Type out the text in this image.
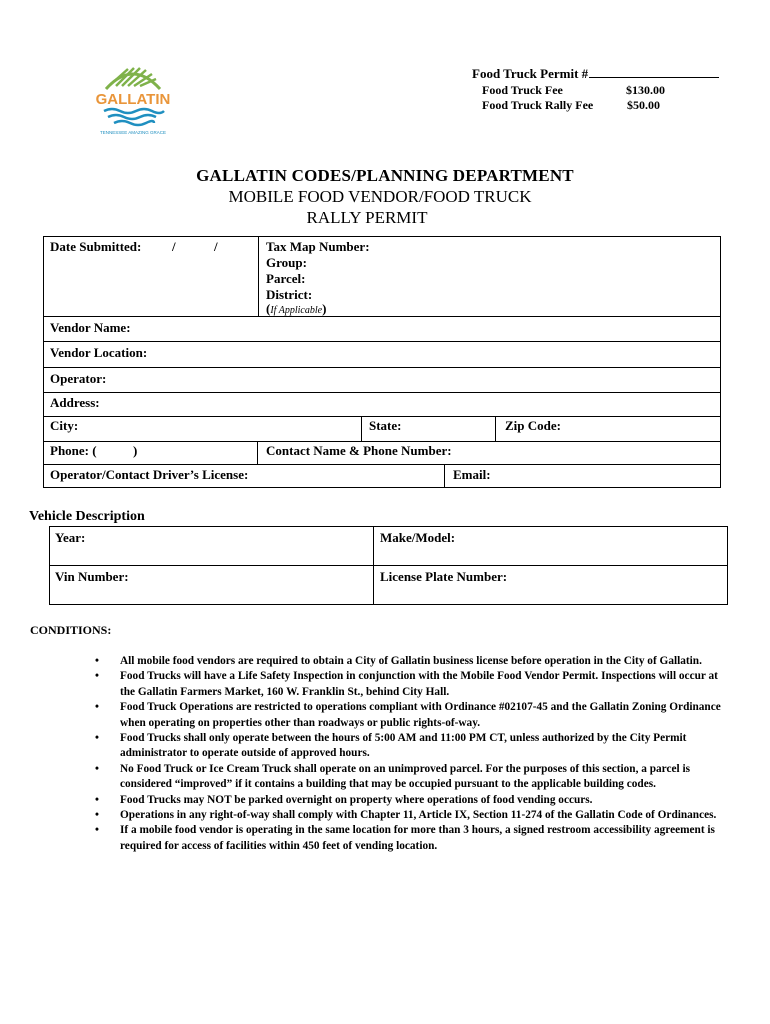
GALLATIN
TENNESSEE AMAZING GRACE
Food Truck Permit #
Food Truck Fee	$130.00
Food Truck Rally Fee	$50.00
GALLATIN CODES/PLANNING DEPARTMENT
MOBILE FOOD VENDOR/FOOD TRUCK
RALLY PERMIT
Date Submitted: /	/	Tax Map Number:
Group:
Parcel:
District:
(If Applicable)
Vendor Name:
Vendor Location:
Operator:
Address:
City:	State:	Zip Code:
Phone: (	)	Contact Name & Phone Number:
Operator/Contact Driver’s License:	Email:
Vehicle Description
Year:	Make/Model:
Vin Number:	License Plate Number:
CONDITIONS:
• All mobile food vendors are required to obtain a City of Gallatin business license before operation in the City of Gallatin.
• Food Trucks will have a Life Safety Inspection in conjunction with the Mobile Food Vendor Permit. Inspections will occur at the Gallatin Farmers Market, 160 W. Franklin St., behind City Hall.
• Food Truck Operations are restricted to operations compliant with Ordinance #02107-45 and the Gallatin Zoning Ordinance when operating on properties other than roadways or public rights-of-way.
• Food Trucks shall only operate between the hours of 5:00 AM and 11:00 PM CT, unless authorized by the City Permit administrator to operate outside of approved hours.
• No Food Truck or Ice Cream Truck shall operate on an unimproved parcel. For the purposes of this section, a parcel is considered “improved” if it contains a building that may be occupied pursuant to the applicable building codes.
• Food Trucks may NOT be parked overnight on property where operations of food vending occurs.
• Operations in any right-of-way shall comply with Chapter 11, Article IX, Section 11-274 of the Gallatin Code of Ordinances.
• If a mobile food vendor is operating in the same location for more than 3 hours, a signed restroom accessibility agreement is required for access of facilities within 450 feet of vending location.
